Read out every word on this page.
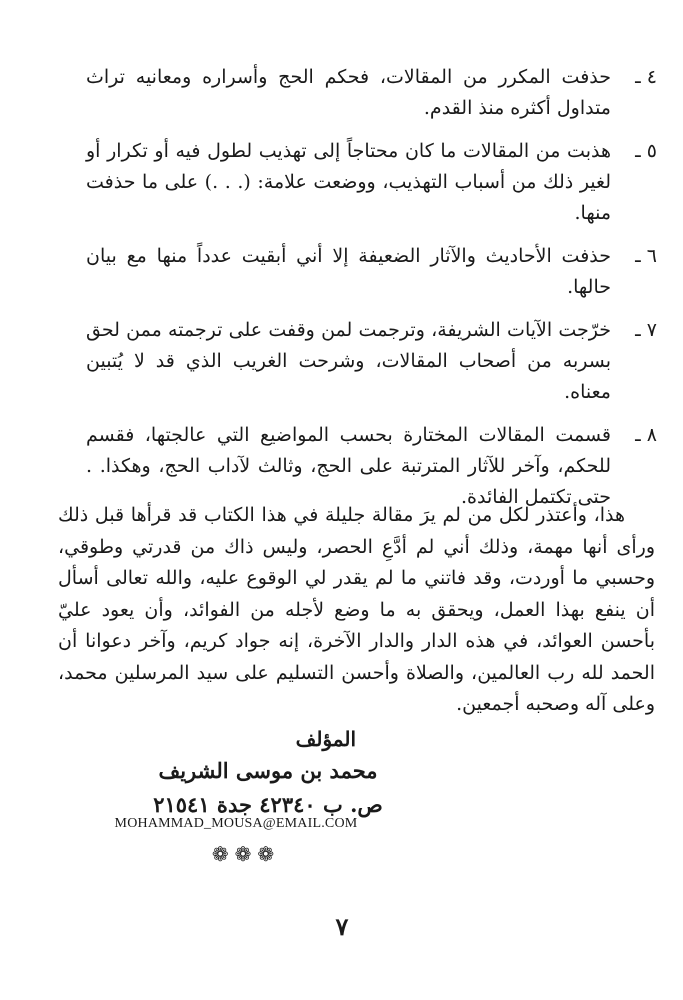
٤ ـ
حذفت المكرر من المقالات، فحكم الحج وأسراره ومعانيه تراث متداول أكثره منذ القدم.
٥ ـ
هذبت من المقالات ما كان محتاجاً إلى تهذيب لطول فيه أو تكرار أو لغير ذلك من أسباب التهذيب، ووضعت علامة: (. . .) على ما حذفت منها.
٦ ـ
حذفت الأحاديث والآثار الضعيفة إلا أني أبقيت عدداً منها مع بيان حالها.
٧ ـ
خرّجت الآيات الشريفة، وترجمت لمن وقفت على ترجمته ممن لحق بسربه من أصحاب المقالات، وشرحت الغريب الذي قد لا يُتبين معناه.
٨ ـ
قسمت المقالات المختارة بحسب المواضيع التي عالجتها، فقسم للحكم، وآخر للآثار المترتبة على الحج، وثالث لآداب الحج، وهكذا. . حتى تكتمل الفائدة.
هذا، وأعتذر لكل من لم يرَ مقالة جليلة في هذا الكتاب قد قرأها قبل ذلك ورأى أنها مهمة، وذلك أني لم أدَّعِ الحصر، وليس ذاك من قدرتي وطوقي، وحسبي ما أوردت، وقد فاتني ما لم يقدر لي الوقوع عليه، والله تعالى أسأل أن ينفع بهذا العمل، ويحقق به ما وضع لأجله من الفوائد، وأن يعود عليّ بأحسن العوائد، في هذه الدار والدار الآخرة، إنه جواد كريم، وآخر دعوانا أن الحمد لله رب العالمين، والصلاة وأحسن التسليم على سيد المرسلين محمد، وعلى آله وصحبه أجمعين.
المؤلف
محمد بن موسى الشريف
ص. ب ٤٢٣٤٠ جدة ٢١٥٤١
MOHAMMAD_MOUSA@EMAIL.COM
❁❁❁
٧
